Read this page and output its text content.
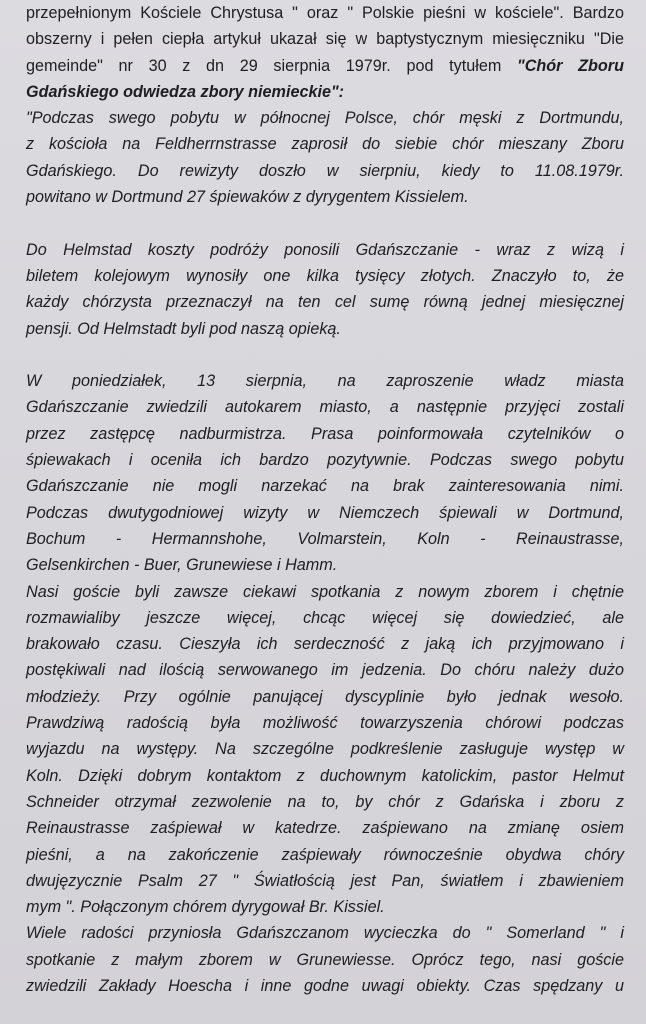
przepełnionym Kościele Chrystusa " oraz " Polskie pieśni w kościele". Bardzo
obszerny i pełen ciepła artykuł ukazał się w baptystycznym miesięczniku "Die
gemeinde" nr 30 z dn 29 sierpnia 1979r. pod tytułem "Chór Zboru
Gdańskiego odwiedza zbory niemieckie":
"Podczas swego pobytu w północnej Polsce, chór męski z Dortmundu,
z kościoła na Feldherrnstrasse zaprosił do siebie chór mieszany Zboru
Gdańskiego. Do rewizyty doszło w sierpniu, kiedy to 11.08.1979r.
powitano w Dortmund 27 śpiewaków z dyrygentem Kissielem.
Do Helmstad koszty podróży ponosili Gdańszczanie - wraz z wizą i
biletem kolejowym wynosiły one kilka tysięcy złotych. Znaczyło to, że
każdy chórzysta przeznaczył na ten cel sumę równą jednej miesięcznej
pensji. Od Helmstadt byli pod naszą opieką.
W poniedziałek, 13 sierpnia, na zaproszenie władz miasta
Gdańszczanie zwiedzili autokarem miasto, a następnie przyjęci zostali
przez zastępcę nadburmistrza. Prasa poinformowała czytelników o
śpiewakach i oceniła ich bardzo pozytywnie. Podczas swego pobytu
Gdańszczanie nie mogli narzekać na brak zainteresowania nimi.
Podczas dwutygodniowej wizyty w Niemczech śpiewali w Dortmund,
Bochum - Hermannshohe, Volmarstein, Koln - Reinaustrasse,
Gelsenkirchen - Buer, Grunewiese i Hamm.
Nasi goście byli zawsze ciekawi spotkania z nowym zborem i chętnie
rozmawialiby jeszcze więcej, chcąc więcej się dowiedzieć, ale
brakowało czasu. Cieszyła ich serdeczność z jaką ich przyjmowano i
postękiwali nad ilością serwowanego im jedzenia. Do chóru należy dużo
młodzieży. Przy ogólnie panującej dyscyplinie było jednak wesoło.
Prawdziwą radością była możliwość towarzyszenia chórowi podczas
wyjazdu na występy. Na szczególne podkreślenie zasługuje występ w
Koln. Dzięki dobrym kontaktom z duchownym katolickim, pastor Helmut
Schneider otrzymał zezwolenie na to, by chór z Gdańska i zboru z
Reinaustrasse zaśpiewał w katedrze. zaśpiewano na zmianę osiem
pieśni, a na zakończenie zaśpiewały równocześnie obydwa chóry
dwujęzycznie Psalm 27 " Światłością jest Pan, światłem i zbawieniem
mym ". Połączonym chórem dyrygował Br. Kissiel.
Wiele radości przyniosła Gdańszczanom wycieczka do " Somerland " i
spotkanie z małym zborem w Grunewiesse. Oprócz tego, nasi goście
zwiedzili Zakłady Hoescha i inne godne uwagi obiekty. Czas spędzany u
